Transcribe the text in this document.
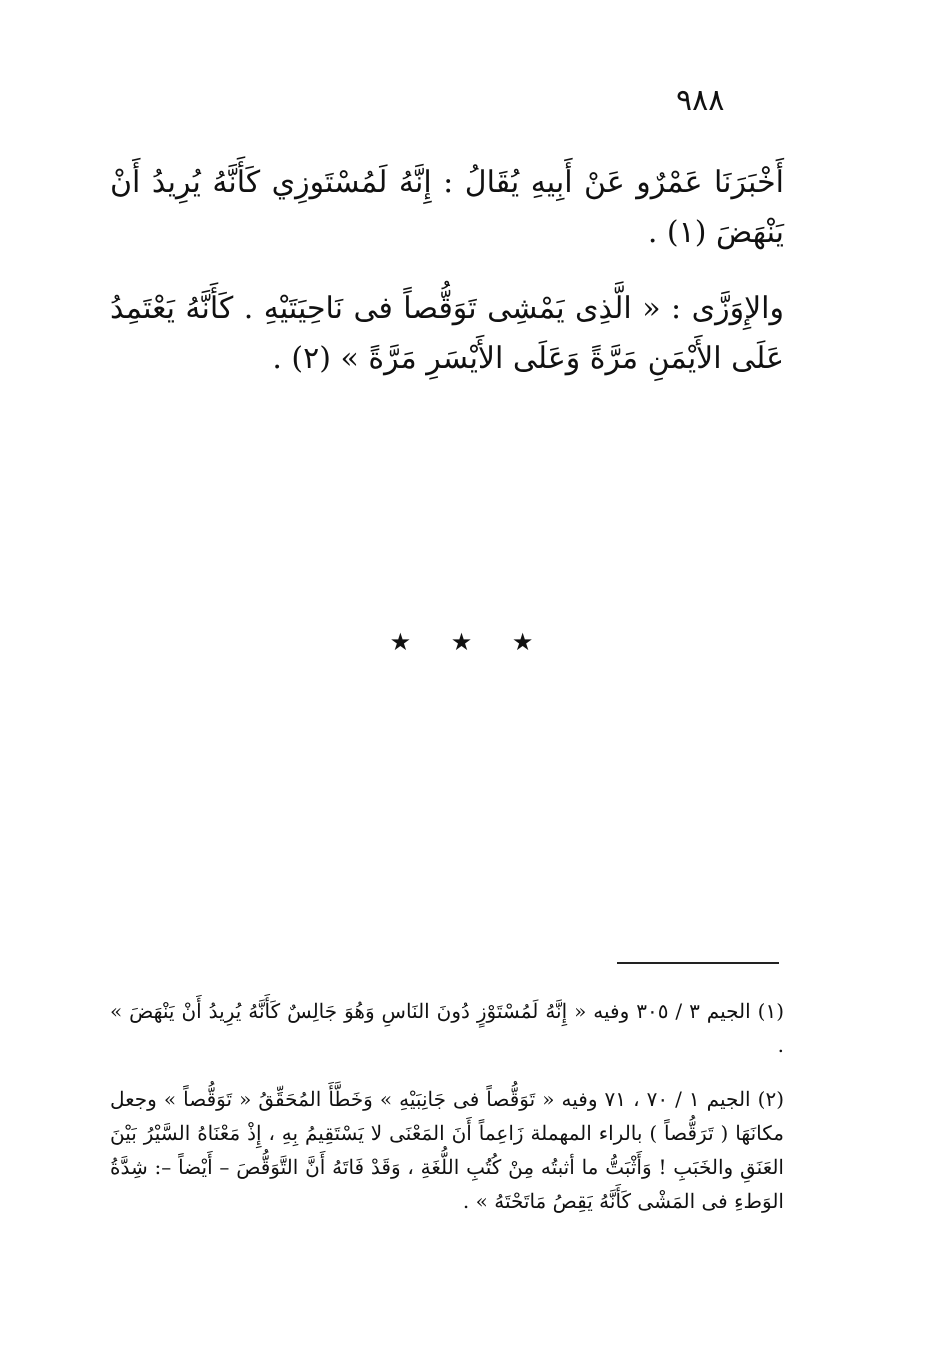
٩٨٨

أَخْبَرَنَا عَمْرٌو عَنْ أَبِيهِ يُقَالُ : إِنَّهُ لَمُسْتَوزِي كَأَنَّهُ يُرِيدُ أَنْ يَنْهَضَ (١) .

والإِوَزَّى : « الَّذِى يَمْشِى تَوَقُّصاً فى نَاحِيَتَيْهِ . كَأَنَّهُ يَعْتَمِدُ عَلَى الأَيْمَنِ مَرَّةً وَعَلَى الأَيْسَرِ مَرَّةً » (٢) .

★ ★ ★

(١) الجيم ٣ / ٣٠٥ وفيه « إِنَّهُ لَمُسْتَوْزٍ دُونَ النَاسِ وَهُوَ جَالِسٌ كَأَنَّهُ يُرِيدُ أَنْ يَنْهَضَ » .

(٢) الجيم ١ / ٧٠ ، ٧١ وفيه « تَوَقُّصاً فى جَانِبَيْهِ » وَخَطَّأَ المُحَقِّقُ « تَوَقُّصاً » وجعل مكانَهَا ( تَرَقُّصاً ) بالراء المهملة زَاعِماً أَنَ المَعْنَى لا يَسْتَقِيمُ بِهِ ، إِذْ مَعْنَاهُ السَّيْرُ بَيْنَ العَنَقِ والخَبَبِ ! وَأَثْبَتُّ ما أثبتُه مِنْ كُتُبِ اللُّغَةِ ، وَقَدْ فَاتَهُ أَنَّ التَّوَقُّصَ – أَيْضاً –: شِدَّةُ الوَطءِ فى المَشْى كَأَنَّهُ يَقِصُ مَاتَحْتَهُ » .
